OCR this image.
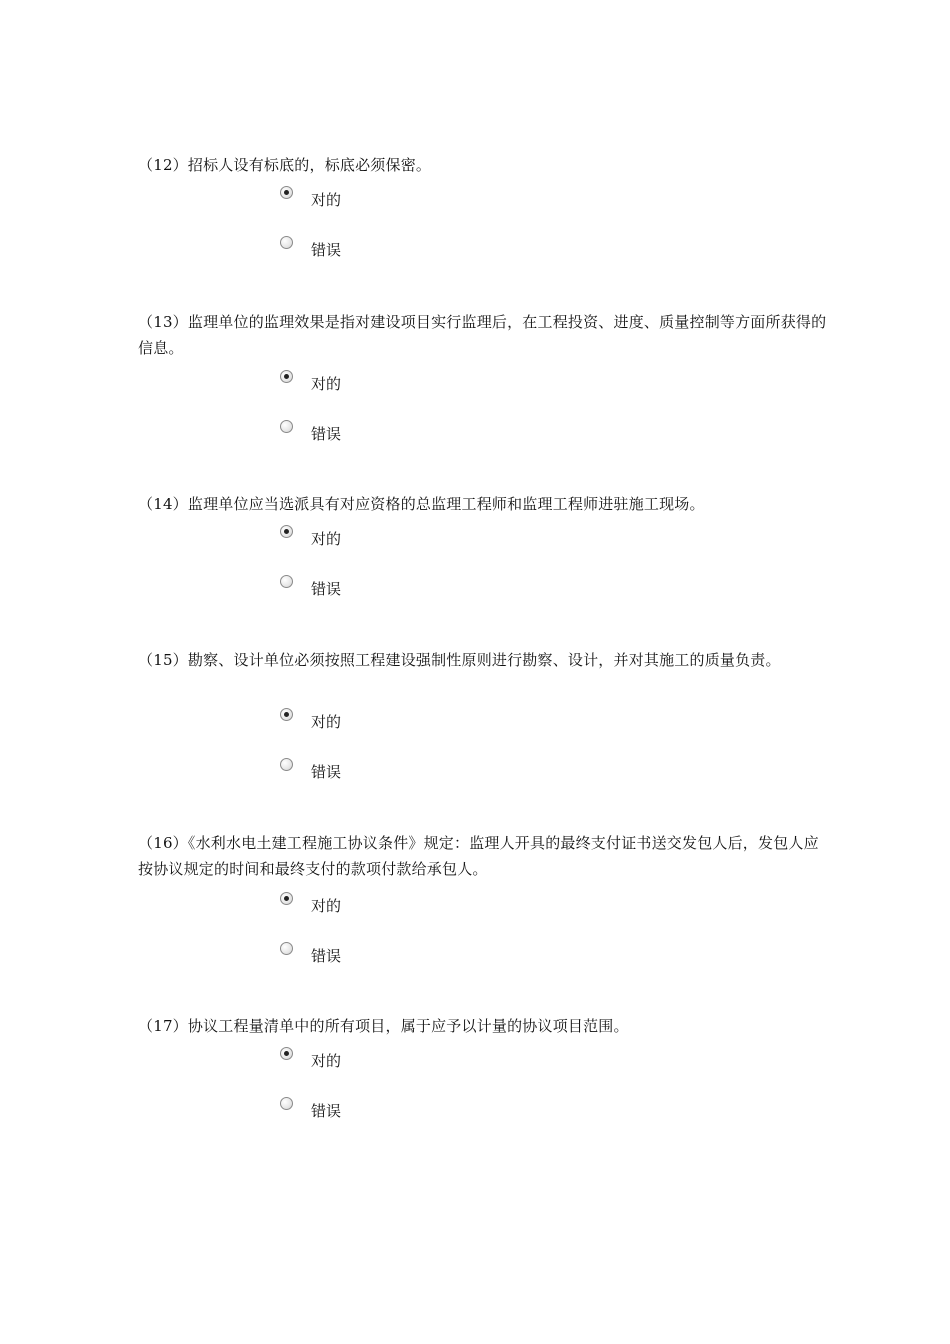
（12）招标人设有标底的，标底必须保密。

对的
错误

（13）监理单位的监理效果是指对建设项目实行监理后，在工程投资、进度、质量控制等方面所获得的信息。

对的
错误

（14）监理单位应当选派具有对应资格的总监理工程师和监理工程师进驻施工现场。

对的
错误

（15）勘察、设计单位必须按照工程建设强制性原则进行勘察、设计，并对其施工的质量负责。

对的
错误

（16）《水利水电土建工程施工协议条件》规定：监理人开具的最终支付证书送交发包人后，发包人应按协议规定的时间和最终支付的款项付款给承包人。

对的
错误

（17）协议工程量清单中的所有项目，属于应予以计量的协议项目范围。

对的
错误
